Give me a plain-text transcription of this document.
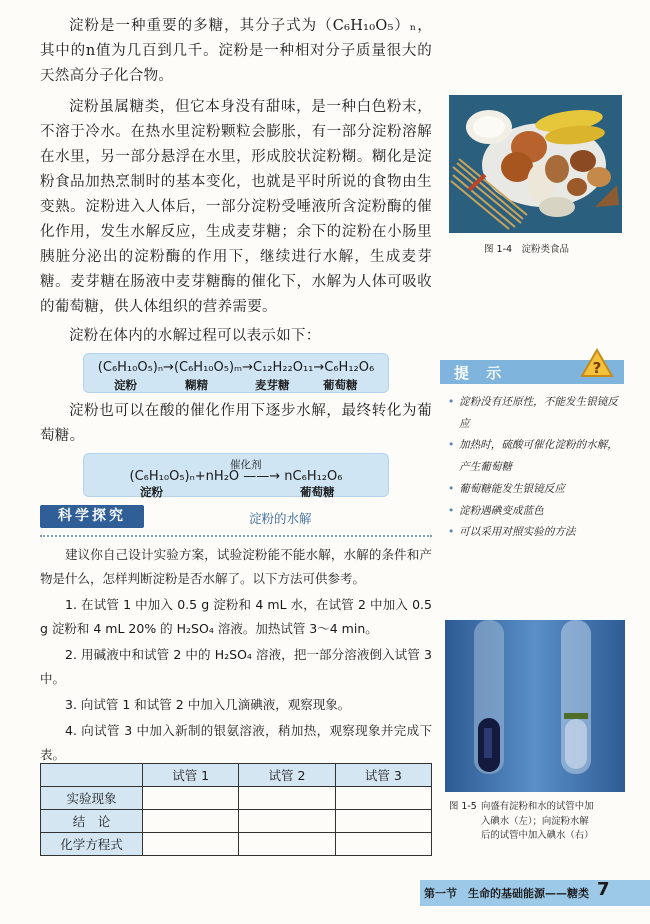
淀粉是一种重要的多糖，其分子式为（C₆H₁₀O₅）ₙ，其中的n值为几百到几千。淀粉是一种相对分子质量很大的天然高分子化合物。

淀粉虽属糖类，但它本身没有甜味，是一种白色粉末，不溶于冷水。在热水里淀粉颗粒会膨胀，有一部分淀粉溶解在水里，另一部分悬浮在水里，形成胶状淀粉糊。糊化是淀粉食品加热烹制时的基本变化，也就是平时所说的食物由生变熟。淀粉进入人体后，一部分淀粉受唾液所含淀粉酶的催化作用，发生水解反应，生成麦芽糖；余下的淀粉在小肠里胰脏分泌出的淀粉酶的作用下，继续进行水解，生成麦芽糖。麦芽糖在肠液中麦芽糖酶的催化下，水解为人体可吸收的葡萄糖，供人体组织的营养需要。

淀粉在体内的水解过程可以表示如下：

(C₆H₁₀O₅)ₙ→(C₆H₁₀O₅)ₘ→C₁₂H₂₂O₁₁→C₆H₁₂O₆
淀粉	糊精	麦芽糖	葡萄糖

淀粉也可以在酸的催化作用下逐步水解，最终转化为葡萄糖。

催化剂
(C₆H₁₀O₅)ₙ+nH₂O ——→ nC₆H₁₂O₆
淀粉	葡萄糖
科学探究	淀粉的水解

建议你自己设计实验方案，试验淀粉能不能水解，水解的条件和产物是什么，怎样判断淀粉是否水解了。以下方法可供参考。

1. 在试管 1 中加入 0.5 g 淀粉和 4 mL 水，在试管 2 中加入 0.5 g 淀粉和 4 mL 20% 的 H₂SO₄ 溶液。加热试管 3～4 min。

2. 用碱液中和试管 2 中的 H₂SO₄ 溶液，把一部分溶液倒入试管 3 中。

3. 向试管 1 和试管 2 中加入几滴碘液，观察现象。

4. 向试管 3 中加入新制的银氨溶液，稍加热，观察现象并完成下表。

	试管 1	试管 2	试管 3
实验现象			
结　论			
化学方程式			
图 1-4　淀粉类食品
提 示	?
• 淀粉没有还原性，不能发生银镜反应
• 加热时，硫酸可催化淀粉的水解，产生葡萄糖
• 葡萄糖能发生银镜反应
• 淀粉遇碘变成蓝色
• 可以采用对照实验的方法
图 1-5 向盛有淀粉和水的试管中加
入碘水（左）；向淀粉水解
后的试管中加入碘水（右）
第一节　生命的基础能源——糖类 7
